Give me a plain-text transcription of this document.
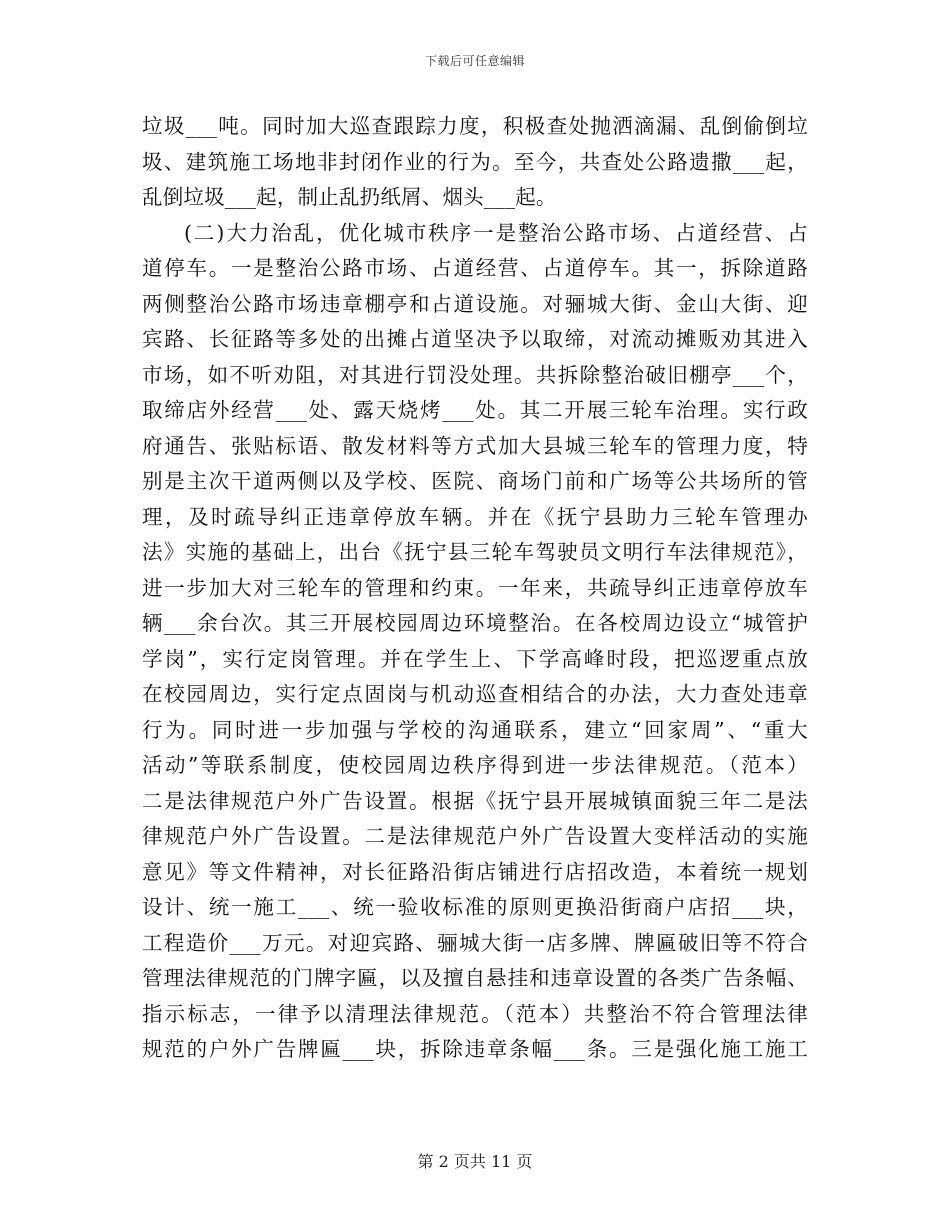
下载后可任意编辑
垃圾___吨。同时加大巡查跟踪力度，积极查处抛洒滴漏、乱倒偷倒垃
圾、建筑施工场地非封闭作业的行为。至今，共查处公路遗撒___起，
乱倒垃圾___起，制止乱扔纸屑、烟头___起。
(二)大力治乱，优化城市秩序一是整治公路市场、占道经营、占
道停车。一是整治公路市场、占道经营、占道停车。其一，拆除道路
两侧整治公路市场违章棚亭和占道设施。对骊城大街、金山大街、迎
宾路、长征路等多处的出摊占道坚决予以取缔，对流动摊贩劝其进入
市场，如不听劝阻，对其进行罚没处理。共拆除整治破旧棚亭___个，
取缔店外经营___处、露天烧烤___处。其二开展三轮车治理。实行政
府通告、张贴标语、散发材料等方式加大县城三轮车的管理力度，特
别是主次干道两侧以及学校、医院、商场门前和广场等公共场所的管
理，及时疏导纠正违章停放车辆。并在《抚宁县助力三轮车管理办
法》实施的基础上，出台《抚宁县三轮车驾驶员文明行车法律规范》，
进一步加大对三轮车的管理和约束。一年来，共疏导纠正违章停放车
辆___余台次。其三开展校园周边环境整治。在各校周边设立“城管护
学岗”，实行定岗管理。并在学生上、下学高峰时段，把巡逻重点放
在校园周边，实行定点固岗与机动巡查相结合的办法，大力查处违章
行为。同时进一步加强与学校的沟通联系，建立“回家周”、“重大
活动”等联系制度，使校园周边秩序得到进一步法律规范。（范本）
二是法律规范户外广告设置。根据《抚宁县开展城镇面貌三年二是法
律规范户外广告设置。二是法律规范户外广告设置大变样活动的实施
意见》等文件精神，对长征路沿街店铺进行店招改造，本着统一规划
设计、统一施工___、统一验收标准的原则更换沿街商户店招___块，
工程造价___万元。对迎宾路、骊城大街一店多牌、牌匾破旧等不符合
管理法律规范的门牌字匾，以及擅自悬挂和违章设置的各类广告条幅、
指示标志，一律予以清理法律规范。（范本）共整治不符合管理法律
规范的户外广告牌匾___块，拆除违章条幅___条。三是强化施工施工
第 2 页共 11 页
